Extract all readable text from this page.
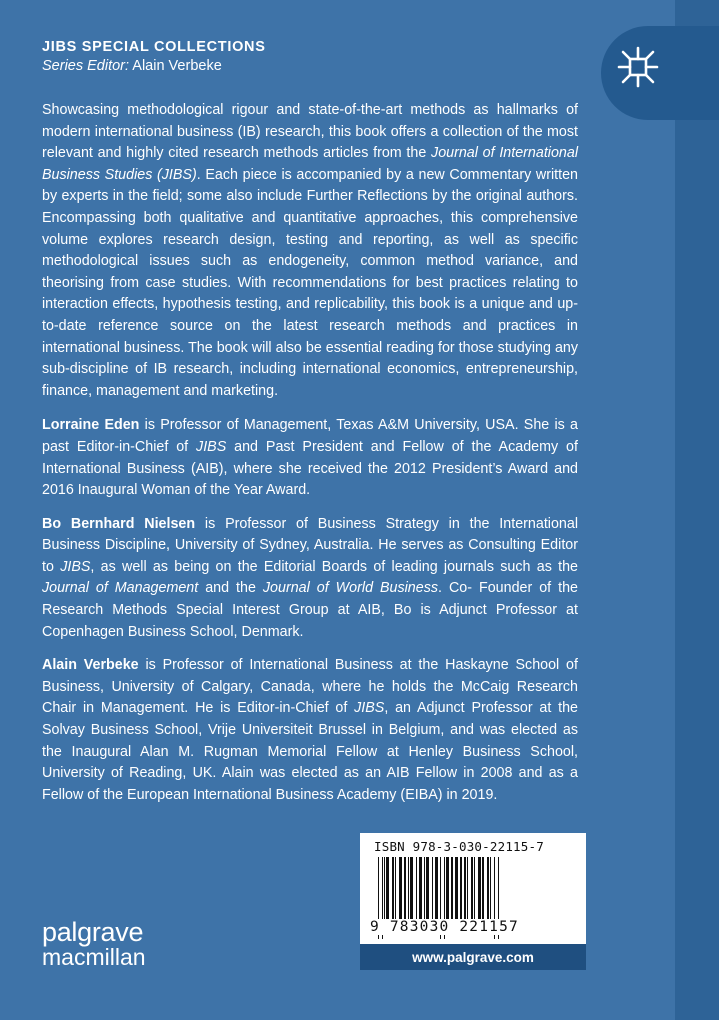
JIBS SPECIAL COLLECTIONS
Series Editor: Alain Verbeke

Showcasing methodological rigour and state-of-the-art methods as hallmarks of modern international business (IB) research, this book offers a collection of the most relevant and highly cited research methods articles from the Journal of International Business Studies (JIBS). Each piece is accompanied by a new Commentary written by experts in the field; some also include Further Reflections by the original authors. Encompassing both qualitative and quantitative approaches, this comprehensive volume explores research design, testing and reporting, as well as specific methodological issues such as endogeneity, common method variance, and theorising from case studies. With recommendations for best practices relating to interaction effects, hypothesis testing, and replicability, this book is a unique and up-to-date reference source on the latest research methods and practices in international business. The book will also be essential reading for those studying any sub-discipline of IB research, including international economics, entrepreneurship, finance, management and marketing.

Lorraine Eden is Professor of Management, Texas A&M University, USA. She is a past Editor-in-Chief of JIBS and Past President and Fellow of the Academy of International Business (AIB), where she received the 2012 President’s Award and 2016 Inaugural Woman of the Year Award.

Bo Bernhard Nielsen is Professor of Business Strategy in the International Business Discipline, University of Sydney, Australia. He serves as Consulting Editor to JIBS, as well as being on the Editorial Boards of leading journals such as the Journal of Management and the Journal of World Business. Co- Founder of the Research Methods Special Interest Group at AIB, Bo is Adjunct Professor at Copenhagen Business School, Denmark.

Alain Verbeke is Professor of International Business at the Haskayne School of Business, University of Calgary, Canada, where he holds the McCaig Research Chair in Management. He is Editor-in-Chief of JIBS, an Adjunct Professor at the Solvay Business School, Vrije Universiteit Brussel in Belgium, and was elected as the Inaugural Alan M. Rugman Memorial Fellow at Henley Business School, University of Reading, UK. Alain was elected as an AIB Fellow in 2008 and as a Fellow of the European International Business Academy (EIBA) in 2019.

ISBN 978-3-030-22115-7
9 783030 221157
www.palgrave.com
palgrave
macmillan
